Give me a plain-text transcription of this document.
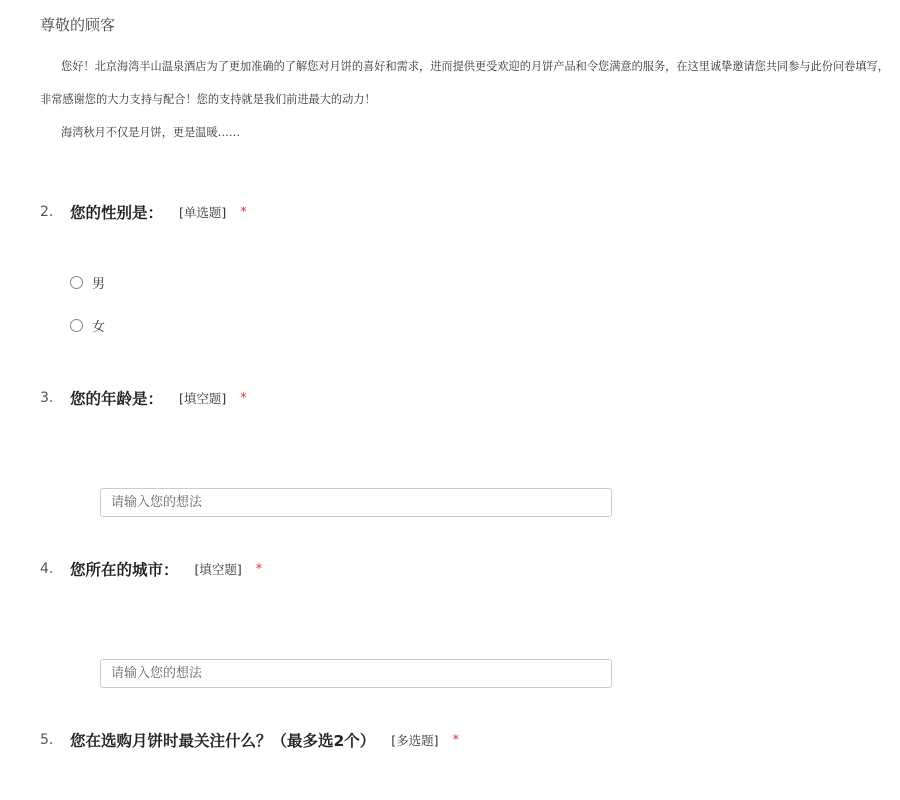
尊敬的顾客
您好！北京海湾半山温泉酒店为了更加准确的了解您对月饼的喜好和需求，进而提供更受欢迎的月饼产品和令您满意的服务，在这里诚挚邀请您共同参与此份问卷填写，非常感谢您的大力支持与配合！您的支持就是我们前进最大的动力！
海湾秋月不仅是月饼，更是温暖……
2.	您的性别是： [单选题] *
男
女
3.	您的年龄是： [填空题] *
请输入您的想法
4.	您所在的城市： [填空题] *
请输入您的想法
5.	您在选购月饼时最关注什么？（最多选2个） [多选题] *
